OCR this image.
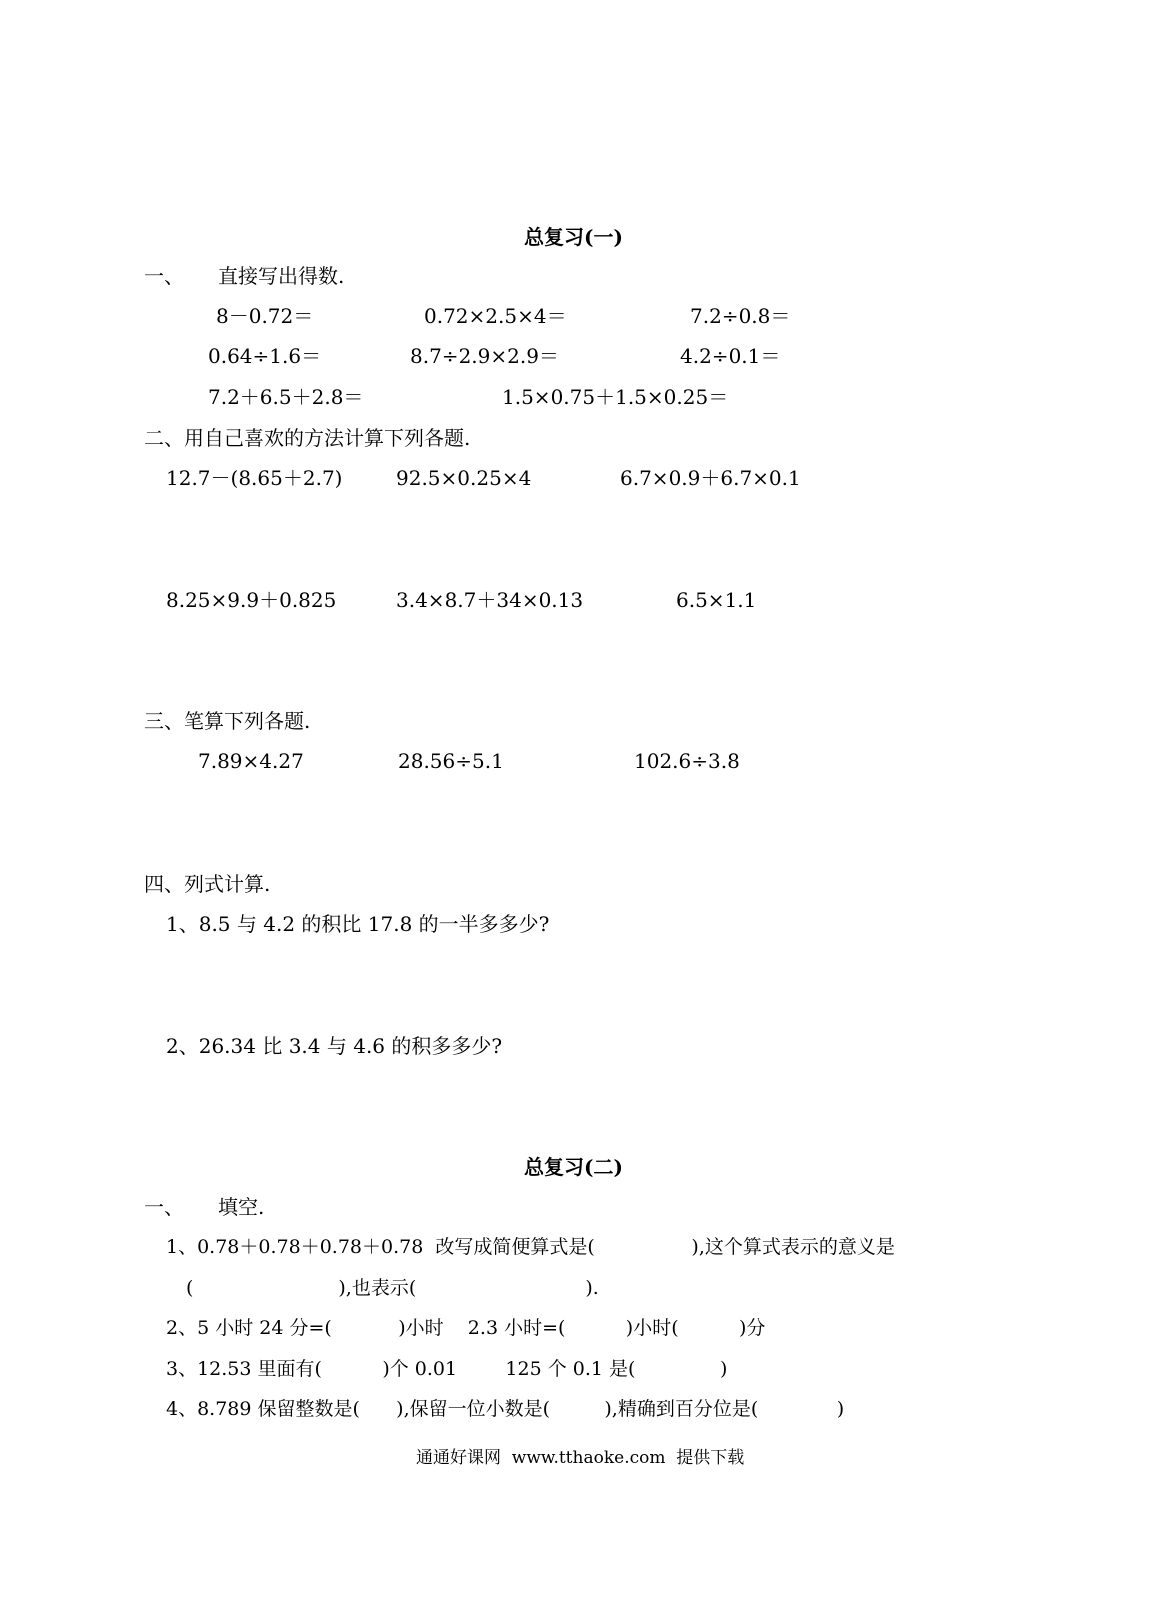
总复习(一)
一、 直接写出得数.
8－0.72＝	0.72×2.5×4＝	7.2÷0.8＝
0.64÷1.6＝	8.7÷2.9×2.9＝	4.2÷0.1＝
7.2＋6.5＋2.8＝	1.5×0.75＋1.5×0.25＝
二、用自己喜欢的方法计算下列各题.
12.7－(8.65＋2.7)	92.5×0.25×4	6.7×0.9＋6.7×0.1
8.25×9.9＋0.825	3.4×8.7＋34×0.13	6.5×1.1
三、笔算下列各题.
7.89×4.27	28.56÷5.1	102.6÷3.8
四、列式计算.
1、8.5 与 4.2 的积比 17.8 的一半多多少?
2、26.34 比 3.4 与 4.6 的积多多少?
总复习(二)
一、 填空.
1、0.78＋0.78＋0.78＋0.78  改写成简便算式是(                ),这个算式表示的意义是
(                        ),也表示(                            ).
2、5 小时 24 分=(           )小时    2.3 小时=(          )小时(          )分
3、12.53 里面有(          )个 0.01        125 个 0.1 是(              )
4、8.789 保留整数是(      ),保留一位小数是(         ),精确到百分位是(             )
通通好课网  www.tthaoke.com  提供下载
